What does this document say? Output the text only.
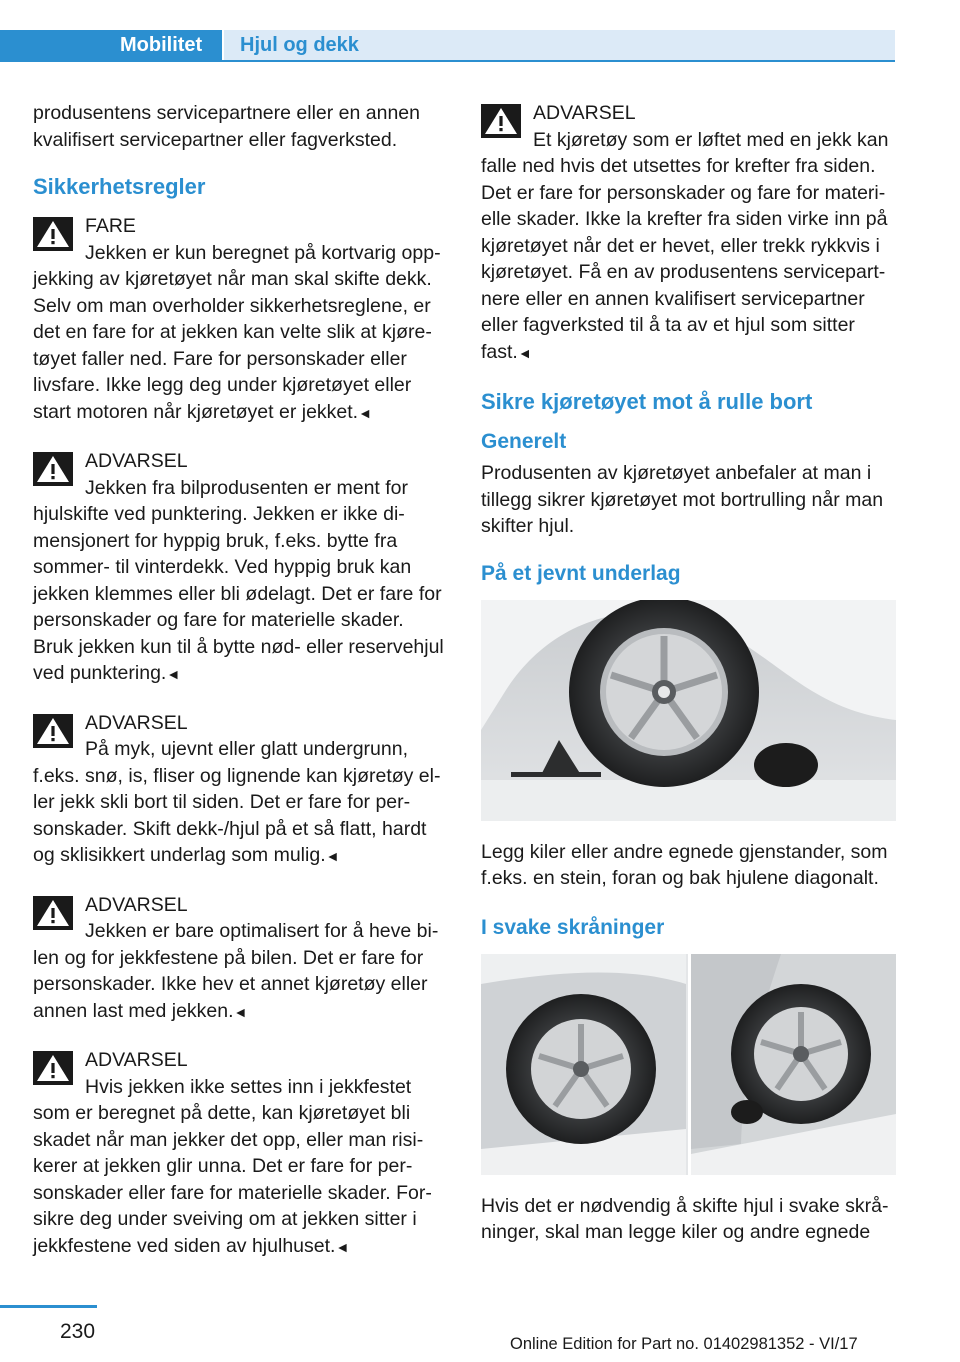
Mobilitet	Hjul og dekk

produsentens servicepartnere eller en annen kvalifisert servicepartner eller fagverksted.

Sikkerhetsregler
FARE
Jekken er kun beregnet på kortvarig oppjekking av kjøretøyet når man skal skifte dekk. Selv om man overholder sikkerhetsreglene, er det en fare for at jekken kan velte slik at kjøretøyet faller ned. Fare for personskader eller livsfare. Ikke legg deg under kjøretøyet eller start motoren når kjøretøyet er jekket.◄
ADVARSEL
Jekken fra bilprodusenten er ment for hjulskifte ved punktering. Jekken er ikke dimensjonert for hyppig bruk, f.eks. bytte fra sommer- til vinterdekk. Ved hyppig bruk kan jekken klemmes eller bli ødelagt. Det er fare for personskader og fare for materielle skader. Bruk jekken kun til å bytte nød- eller reservehjul ved punktering.◄
ADVARSEL
På myk, ujevnt eller glatt undergrunn, f.eks. snø, is, fliser og lignende kan kjøretøy eller jekk skli bort til siden. Det er fare for personskader. Skift dekk-/hjul på et så flatt, hardt og sklisikkert underlag som mulig.◄
ADVARSEL
Jekken er bare optimalisert for å heve bilen og for jekkfestene på bilen. Det er fare for personskader. Ikke hev et annet kjøretøy eller annen last med jekken.◄
ADVARSEL
Hvis jekken ikke settes inn i jekkfestet som er beregnet på dette, kan kjøretøyet bli skadet når man jekker det opp, eller man risikerer at jekken glir unna. Det er fare for personskader eller fare for materielle skader. Forsikre deg under sveiving om at jekken sitter i jekkfestene ved siden av hjulhuset.◄
ADVARSEL
Et kjøretøy som er løftet med en jekk kan falle ned hvis det utsettes for krefter fra siden. Det er fare for personskader og fare for materielle skader. Ikke la krefter fra siden virke inn på kjøretøyet når det er hevet, eller trekk rykkvis i kjøretøyet. Få en av produsentens servicepartnere eller en annen kvalifisert servicepartner eller fagverksted til å ta av et hjul som sitter fast.◄
Sikre kjøretøyet mot å rulle bort
Generelt

Produsenten av kjøretøyet anbefaler at man i tillegg sikrer kjøretøyet mot bortrulling når man skifter hjul.

På et jevnt underlag

Legg kiler eller andre egnede gjenstander, som f.eks. en stein, foran og bak hjulene diagonalt.

I svake skråninger

Hvis det er nødvendig å skifte hjul i svake skråninger, skal man legge kiler og andre egnede

230
Online Edition for Part no. 01402981352 - VI/17
